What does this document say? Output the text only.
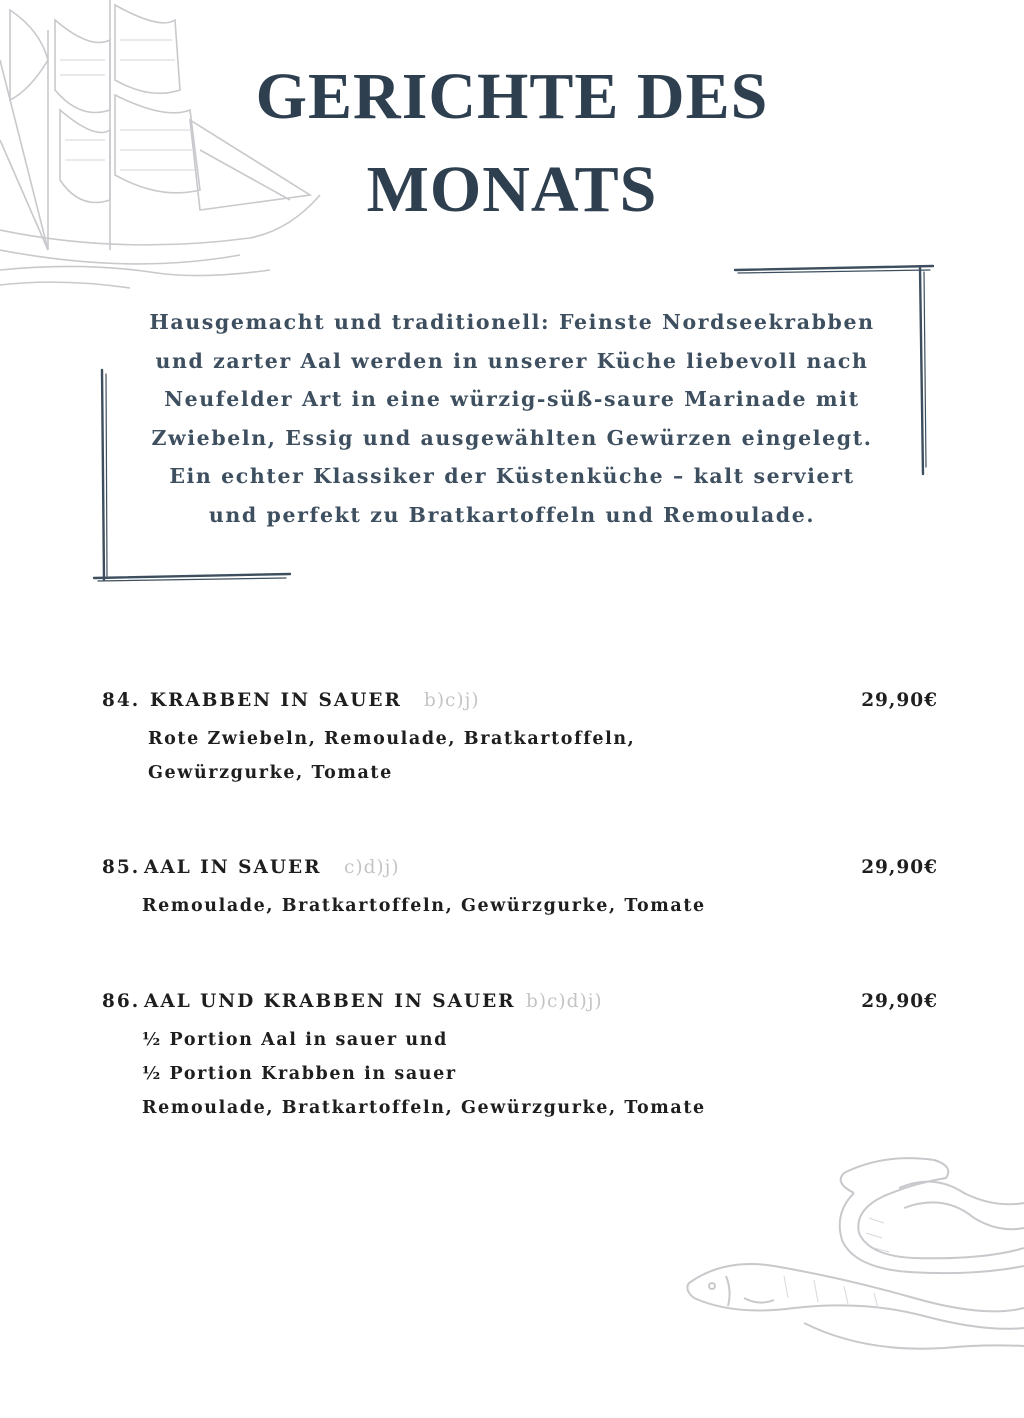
GERICHTE DES
MONATS
Hausgemacht und traditionell: Feinste Nordseekrabben
und zarter Aal werden in unserer Küche liebevoll nach
Neufelder Art in eine würzig-süß-saure Marinade mit
Zwiebeln, Essig und ausgewählten Gewürzen eingelegt.
Ein echter Klassiker der Küstenküche – kalt serviert
und perfekt zu Bratkartoffeln und Remoulade.
84. KRABBEN IN SAUER b)c)j)	29,90€
Rote Zwiebeln, Remoulade, Bratkartoffeln,
Gewürzgurke, Tomate
85. AAL IN SAUER c)d)j)	29,90€
Remoulade, Bratkartoffeln, Gewürzgurke, Tomate
86. AAL UND KRABBEN IN SAUER b)c)d)j)	29,90€
½ Portion Aal in sauer und
½ Portion Krabben in sauer
Remoulade, Bratkartoffeln, Gewürzgurke, Tomate
